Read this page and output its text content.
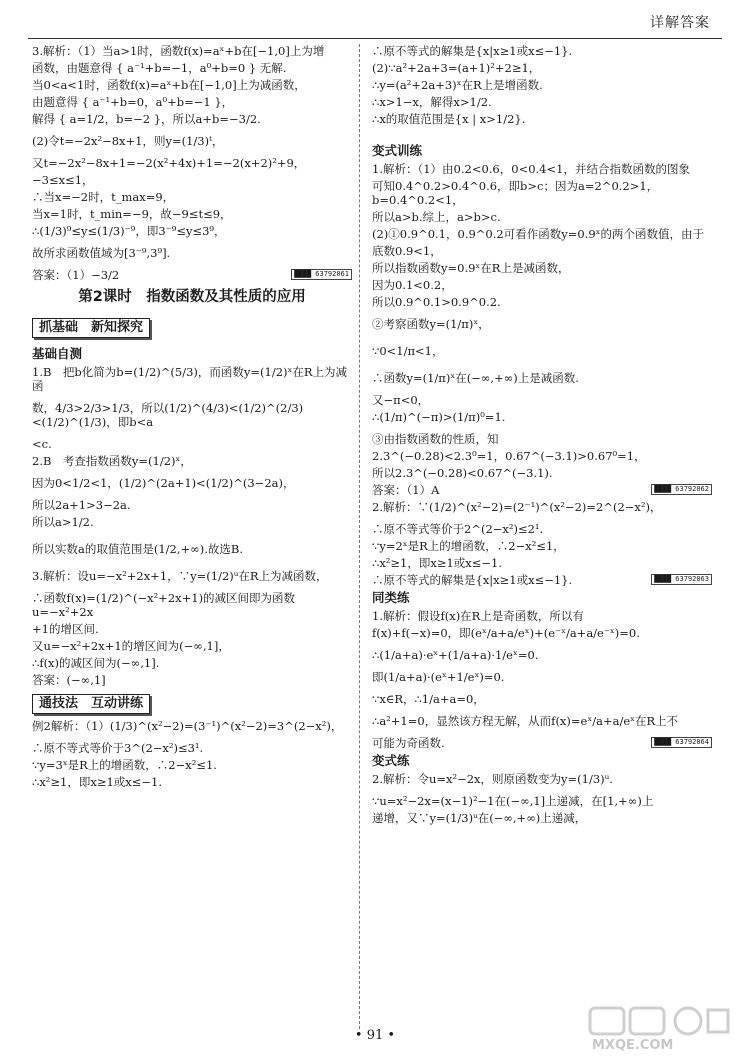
详解答案
3.解析：（1）当a>1时，函数f(x)=aˣ+b在[−1,0]上为增
函数，由题意得 { a⁻¹+b=−1，a⁰+b=0 } 无解.
当0<a<1时，函数f(x)=aˣ+b在[−1,0]上为减函数，
由题意得 { a⁻¹+b=0，a⁰+b=−1 }，
解得 { a=1/2，b=−2 }，所以a+b=−3/2.
(2)令t=−2x²−8x+1，则y=(1/3)ᵗ，
又t=−2x²−8x+1=−2(x²+4x)+1=−2(x+2)²+9，
−3≤x≤1，
∴当x=−2时，t_max=9，
当x=1时，t_min=−9，故−9≤t≤9，
∴(1/3)⁹≤y≤(1/3)⁻⁹，即3⁻⁹≤y≤3⁹，
故所求函数值域为[3⁻⁹,3⁹].
答案：（1）−3/2	████ 63792061
第2课时　指数函数及其性质的应用
抓基础　新知探究
基础自测
1.B　把b化简为b=(1/2)^(5/3)，而函数y=(1/2)ˣ在R上为减函
数，4/3>2/3>1/3，所以(1/2)^(4/3)<(1/2)^(2/3)<(1/2)^(1/3)，即b<a
<c.
2.B　考查指数函数y=(1/2)ˣ，
因为0<1/2<1，(1/2)^(2a+1)<(1/2)^(3−2a)，
所以2a+1>3−2a.
所以a>1/2.
所以实数a的取值范围是(1/2,+∞).故选B.
3.解析：设u=−x²+2x+1，∵y=(1/2)ᵘ在R上为减函数，
∴函数f(x)=(1/2)^(−x²+2x+1)的减区间即为函数u=−x²+2x
+1的增区间.
又u=−x²+2x+1的增区间为(−∞,1]，
∴f(x)的减区间为(−∞,1].
答案：(−∞,1]
通技法　互动讲练
例2解析：（1）(1/3)^(x²−2)=(3⁻¹)^(x²−2)=3^(2−x²)，
∴原不等式等价于3^(2−x²)≤3¹.
∵y=3ˣ是R上的增函数，∴2−x²≤1.
∴x²≥1，即x≥1或x≤−1.
∴原不等式的解集是{x|x≥1或x≤−1}.
(2)∵a²+2a+3=(a+1)²+2≥1，
∴y=(a²+2a+3)ˣ在R上是增函数.
∴x>1−x，解得x>1/2.
∴x的取值范围是{x | x>1/2}.
变式训练
1.解析：（1）由0.2<0.6，0<0.4<1，并结合指数函数的图象
可知0.4^0.2>0.4^0.6，即b>c；因为a=2^0.2>1，b=0.4^0.2<1，
所以a>b.综上，a>b>c.
(2)①0.9^0.1，0.9^0.2可看作函数y=0.9ˣ的两个函数值，由于
底数0.9<1，
所以指数函数y=0.9ˣ在R上是减函数，
因为0.1<0.2，
所以0.9^0.1>0.9^0.2.
②考察函数y=(1/π)ˣ，
∵0<1/π<1，
∴函数y=(1/π)ˣ在(−∞,+∞)上是减函数.
又−π<0，
∴(1/π)^(−π)>(1/π)⁰=1.
③由指数函数的性质，知
2.3^(−0.28)<2.3⁰=1，0.67^(−3.1)>0.67⁰=1，
所以2.3^(−0.28)<0.67^(−3.1).
答案：（1）A	████ 63792062
2.解析：∵(1/2)^(x²−2)=(2⁻¹)^(x²−2)=2^(2−x²)，
∴原不等式等价于2^(2−x²)≤2¹.
∵y=2ˣ是R上的增函数，∴2−x²≤1，
∴x²≥1，即x≥1或x≤−1.
∴原不等式的解集是{x|x≥1或x≤−1}.	████ 63792063
同类练
1.解析：假设f(x)在R上是奇函数，所以有
f(x)+f(−x)=0，即(eˣ/a+a/eˣ)+(e⁻ˣ/a+a/e⁻ˣ)=0.
∴(1/a+a)·eˣ+(1/a+a)·1/eˣ=0.
即(1/a+a)·(eˣ+1/eˣ)=0.
∵x∈R，∴1/a+a=0，
∴a²+1=0，显然该方程无解，从而f(x)=eˣ/a+a/eˣ在R上不
可能为奇函数.	████ 63792064
变式练
2.解析：令u=x²−2x，则原函数变为y=(1/3)ᵘ.
∵u=x²−2x=(x−1)²−1在(−∞,1]上递减，在[1,+∞)上
递增，又∵y=(1/3)ᵘ在(−∞,+∞)上递减，
• 91 •
MXQE.COM
